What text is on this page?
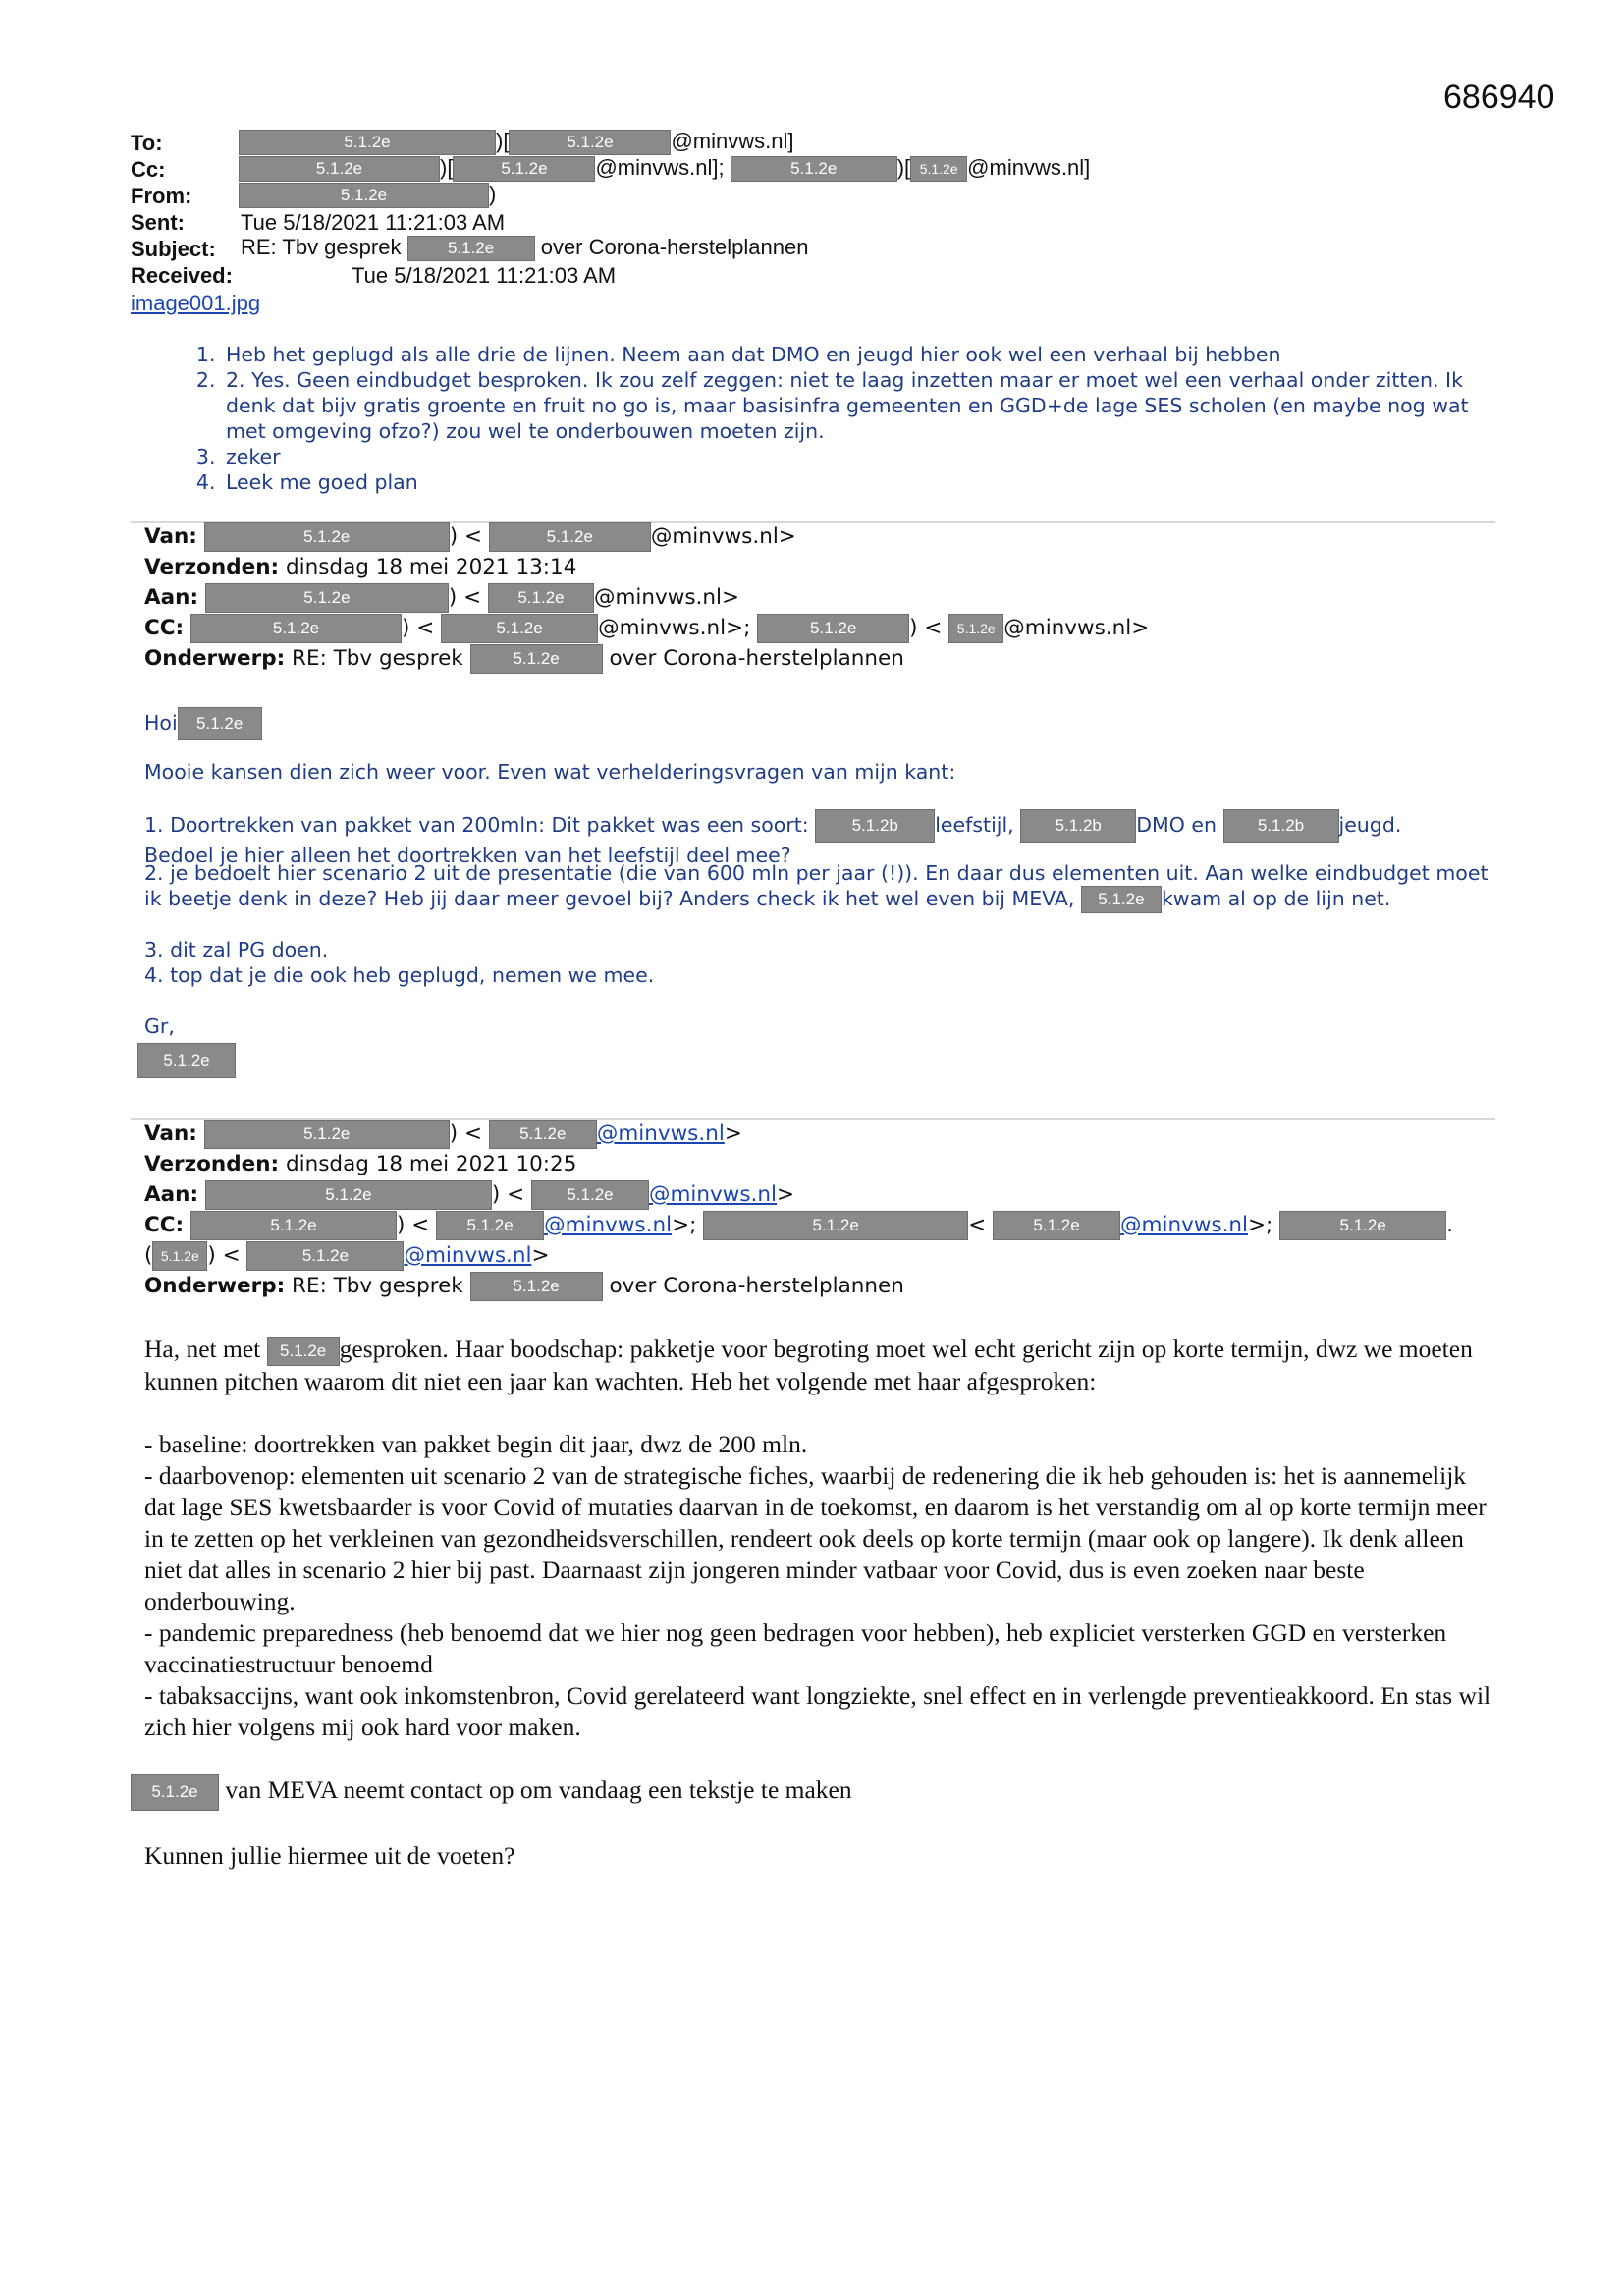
686940
To:	5.1.2e	)[	5.1.2e	@minvws.nl]
Cc:	5.1.2e	)[	5.1.2e @minvws.nl];	5.1.2e	)[ 5.1.2e @minvws.nl]
From:	5.1.2e	)
Sent:	Tue 5/18/2021 11:21:03 AM
Subject: RE: Tbv gesprek	5.1.2e over Corona-herstelplannen
Received:	Tue 5/18/2021 11:21:03 AM
image001.jpg
1. Heb het geplugd als alle drie de lijnen. Neem aan dat DMO en jeugd hier ook wel een verhaal bij hebben
2. 2. Yes. Geen eindbudget besproken. Ik zou zelf zeggen: niet te laag inzetten maar er moet wel een verhaal onder zitten. Ik denk dat bijv gratis groente en fruit no go is, maar basisinfra gemeenten en GGD+de lage SES scholen (en maybe nog wat met omgeving ofzo?) zou wel te onderbouwen moeten zijn.
3. zeker
4. Leek me goed plan
Van:	5.1.2e	) <	5.1.2e	@minvws.nl>
Verzonden: dinsdag 18 mei 2021 13:14
Aan:	5.1.2e	) < 5.1.2e @minvws.nl>
CC:	5.1.2e	) <	5.1.2e	@minvws.nl>;	5.1.2e	) < 5.1.2e @minvws.nl>
Onderwerp: RE: Tbv gesprek	5.1.2e over Corona-herstelplannen
Hoi 5.1.2e
Mooie kansen dien zich weer voor. Even wat verhelderingsvragen van mijn kant:
1. Doortrekken van pakket van 200mln: Dit pakket was een soort:	5.1.2b leefstijl, 5.1.2b DMO en 5.1.2b jeugd.
Bedoel je hier alleen het doortrekken van het leefstijl deel mee?
2. je bedoelt hier scenario 2 uit de presentatie (die van 600 mln per jaar (!)). En daar dus elementen uit. Aan welke eindbudget moet ik beetje denk in deze? Heb jij daar meer gevoel bij? Anders check ik het wel even bij MEVA, 5.1.2e kwam al op de lijn net.
3. dit zal PG doen.
4. top dat je die ook heb geplugd, nemen we mee.
Gr,
5.1.2e
Van:	5.1.2e	) < 5.1.2e @minvws.nl>
Verzonden: dinsdag 18 mei 2021 10:25
Aan:	5.1.2e	) < 5.1.2e @minvws.nl>
CC:	5.1.2e	) < 5.1.2e @minvws.nl>;	5.1.2e	< 5.1.2e @minvws.nl>;	5.1.2e	.
( 5.1.2e ) <	5.1.2e	@minvws.nl>
Onderwerp: RE: Tbv gesprek	5.1.2e over Corona-herstelplannen
Ha, net met 5.1.2e gesproken. Haar boodschap: pakketje voor begroting moet wel echt gericht zijn op korte termijn, dwz we moeten kunnen pitchen waarom dit niet een jaar kan wachten. Heb het volgende met haar afgesproken:
- baseline: doortrekken van pakket begin dit jaar, dwz de 200 mln.
- daarbovenop: elementen uit scenario 2 van de strategische fiches, waarbij de redenering die ik heb gehouden is: het is aannemelijk dat lage SES kwetsbaarder is voor Covid of mutaties daarvan in de toekomst, en daarom is het verstandig om al op korte termijn meer in te zetten op het verkleinen van gezondheidsverschillen, rendeert ook deels op korte termijn (maar ook op langere). Ik denk alleen niet dat alles in scenario 2 hier bij past. Daarnaast zijn jongeren minder vatbaar voor Covid, dus is even zoeken naar beste onderbouwing.
- pandemic preparedness (heb benoemd dat we hier nog geen bedragen voor hebben), heb expliciet versterken GGD en versterken vaccinatiestructuur benoemd
- tabaksaccijns, want ook inkomstenbron, Covid gerelateerd want longziekte, snel effect en in verlengde preventieakkoord. En stas wil zich hier volgens mij ook hard voor maken.
5.1.2e van MEVA neemt contact op om vandaag een tekstje te maken
Kunnen jullie hiermee uit de voeten?
